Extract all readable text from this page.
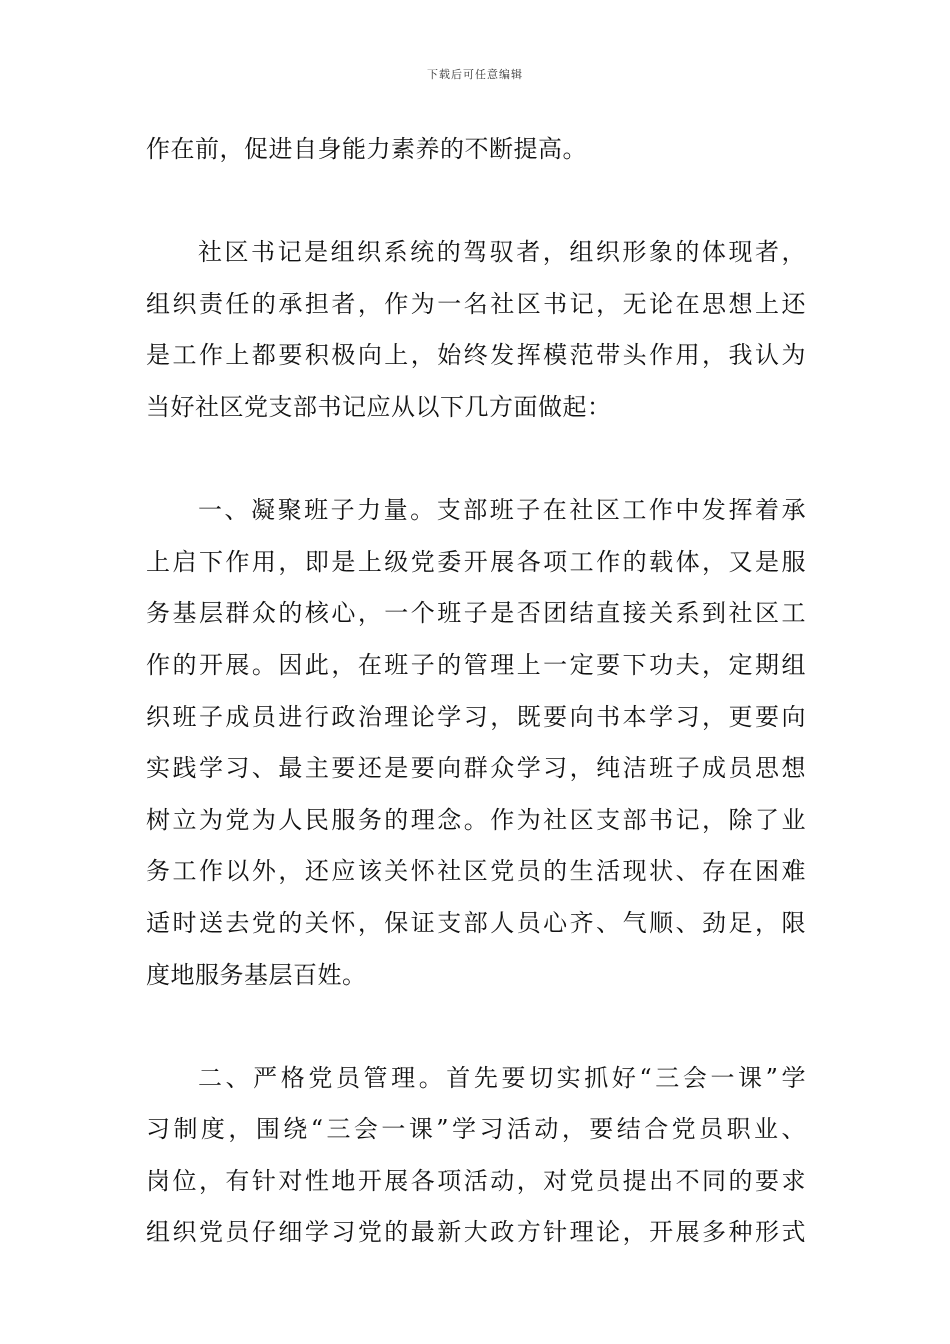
下载后可任意编辑
作在前，促进自身能力素养的不断提高。
社区书记是组织系统的驾驭者，组织形象的体现者，
组织责任的承担者，作为一名社区书记，无论在思想上还
是工作上都要积极向上，始终发挥模范带头作用，我认为
当好社区党支部书记应从以下几方面做起：
一、凝聚班子力量。支部班子在社区工作中发挥着承
上启下作用，即是上级党委开展各项工作的载体，又是服
务基层群众的核心，一个班子是否团结直接关系到社区工
作的开展。因此，在班子的管理上一定要下功夫，定期组
织班子成员进行政治理论学习，既要向书本学习，更要向
实践学习、最主要还是要向群众学习，纯洁班子成员思想
树立为党为人民服务的理念。作为社区支部书记，除了业
务工作以外，还应该关怀社区党员的生活现状、存在困难
适时送去党的关怀，保证支部人员心齐、气顺、劲足，限
度地服务基层百姓。
二、严格党员管理。首先要切实抓好“三会一课”学
习制度，围绕“三会一课”学习活动，要结合党员职业、
岗位，有针对性地开展各项活动，对党员提出不同的要求
组织党员仔细学习党的最新大政方针理论，开展多种形式
